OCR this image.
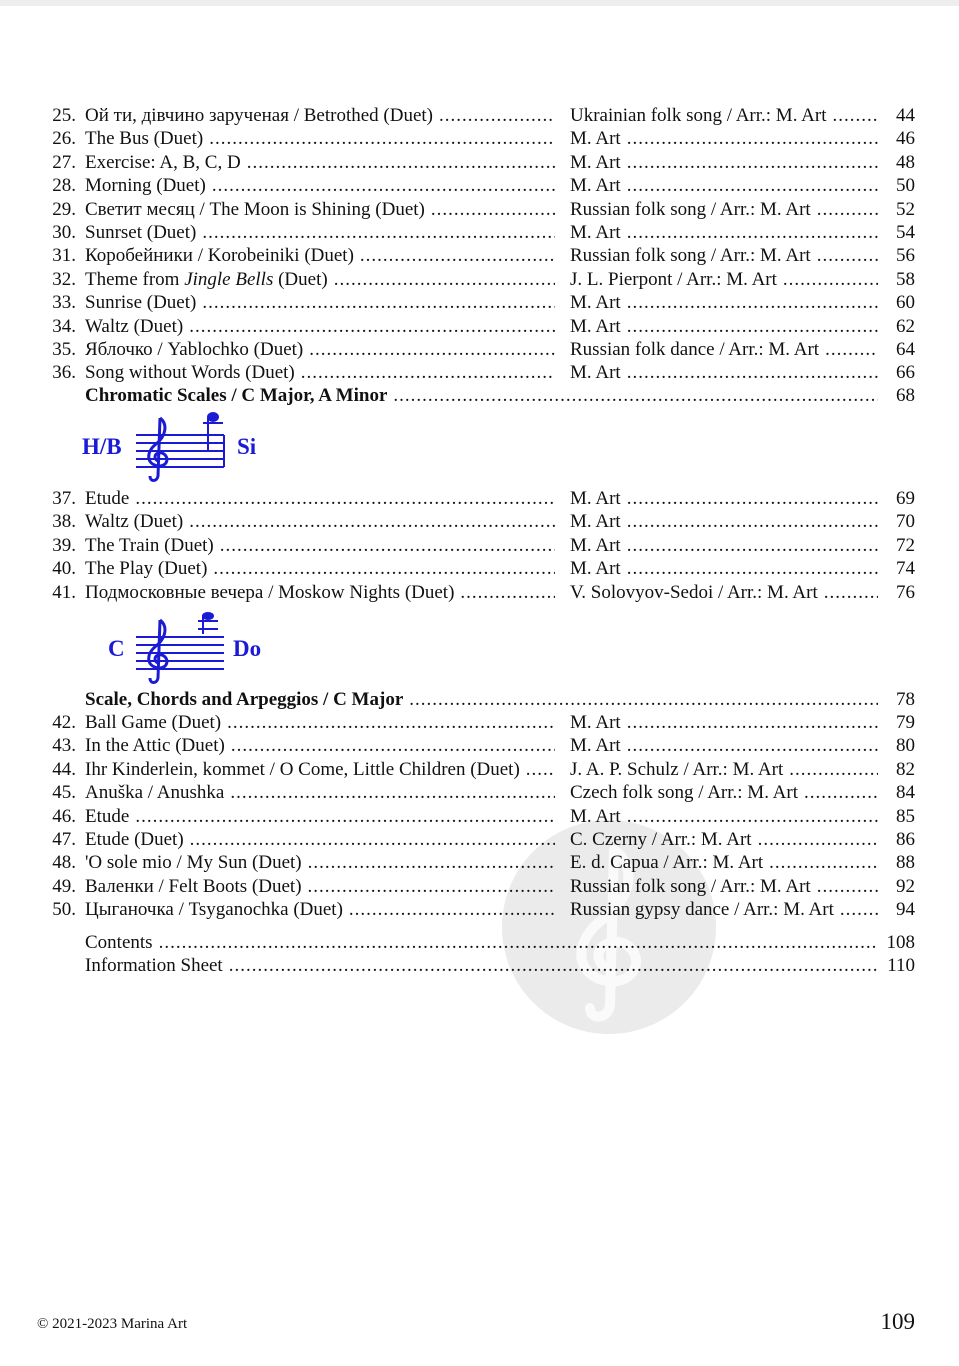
25. Ой ти, дівчино зарученая / Betrothed (Duet) .....	Ukrainian folk song / Arr.: M. Art .....	44
26. The Bus (Duet) .....	M. Art .....	46
27. Exercise: A, B, C, D .....	M. Art .....	48
28. Morning (Duet) .....	M. Art .....	50
29. Светит месяц / The Moon is Shining (Duet) .....	Russian folk song / Arr.: M. Art .....	52
30. Sunrset (Duet) .....	M. Art .....	54
31. Коробейники / Korobeiniki (Duet) .....	Russian folk song / Arr.: M. Art .....	56
32. Theme from Jingle Bells (Duet) .....	J. L. Pierpont / Arr.: M. Art .....	58
33. Sunrise (Duet) .....	M. Art .....	60
34. Waltz (Duet) .....	M. Art .....	62
35. Яблочко / Yablochko (Duet) .....	Russian folk dance / Arr.: M. Art .....	64
36. Song without Words (Duet) .....	M. Art .....	66
Chromatic Scales / C Major, A Minor .....	68
H/B	Si
37. Etude .....	M. Art .....	69
38. Waltz (Duet) .....	M. Art .....	70
39. The Train (Duet) .....	M. Art .....	72
40. The Play (Duet) .....	M. Art .....	74
41. Подмосковные вечера / Moskow Nights (Duet) .....	V. Solovyov-Sedoi / Arr.: M. Art .....	76
C	Do
Scale, Chords and Arpeggios / C Major .....	78
42. Ball Game (Duet) .....	M. Art .....	79
43. In the Attic (Duet) .....	M. Art .....	80
44. Ihr Kinderlein, kommet / O Come, Little Children (Duet) .....	J. A. P. Schulz / Arr.: M. Art .....	82
45. Anuška / Anushka .....	Czech folk song / Arr.: M. Art .....	84
46. Etude .....	M. Art .....	85
47. Etude (Duet) .....	C. Czerny / Arr.: M. Art .....	86
48. 'O sole mio / My Sun (Duet) .....	E. d. Capua / Arr.: M. Art .....	88
49. Валенки / Felt Boots (Duet) .....	Russian folk song / Arr.: M. Art .....	92
50. Цыганочка / Tsyganochka (Duet) .....	Russian gypsy dance / Arr.: M. Art .....	94
Contents .....	108
Information Sheet .....	110
© 2021-2023 Marina Art	109
